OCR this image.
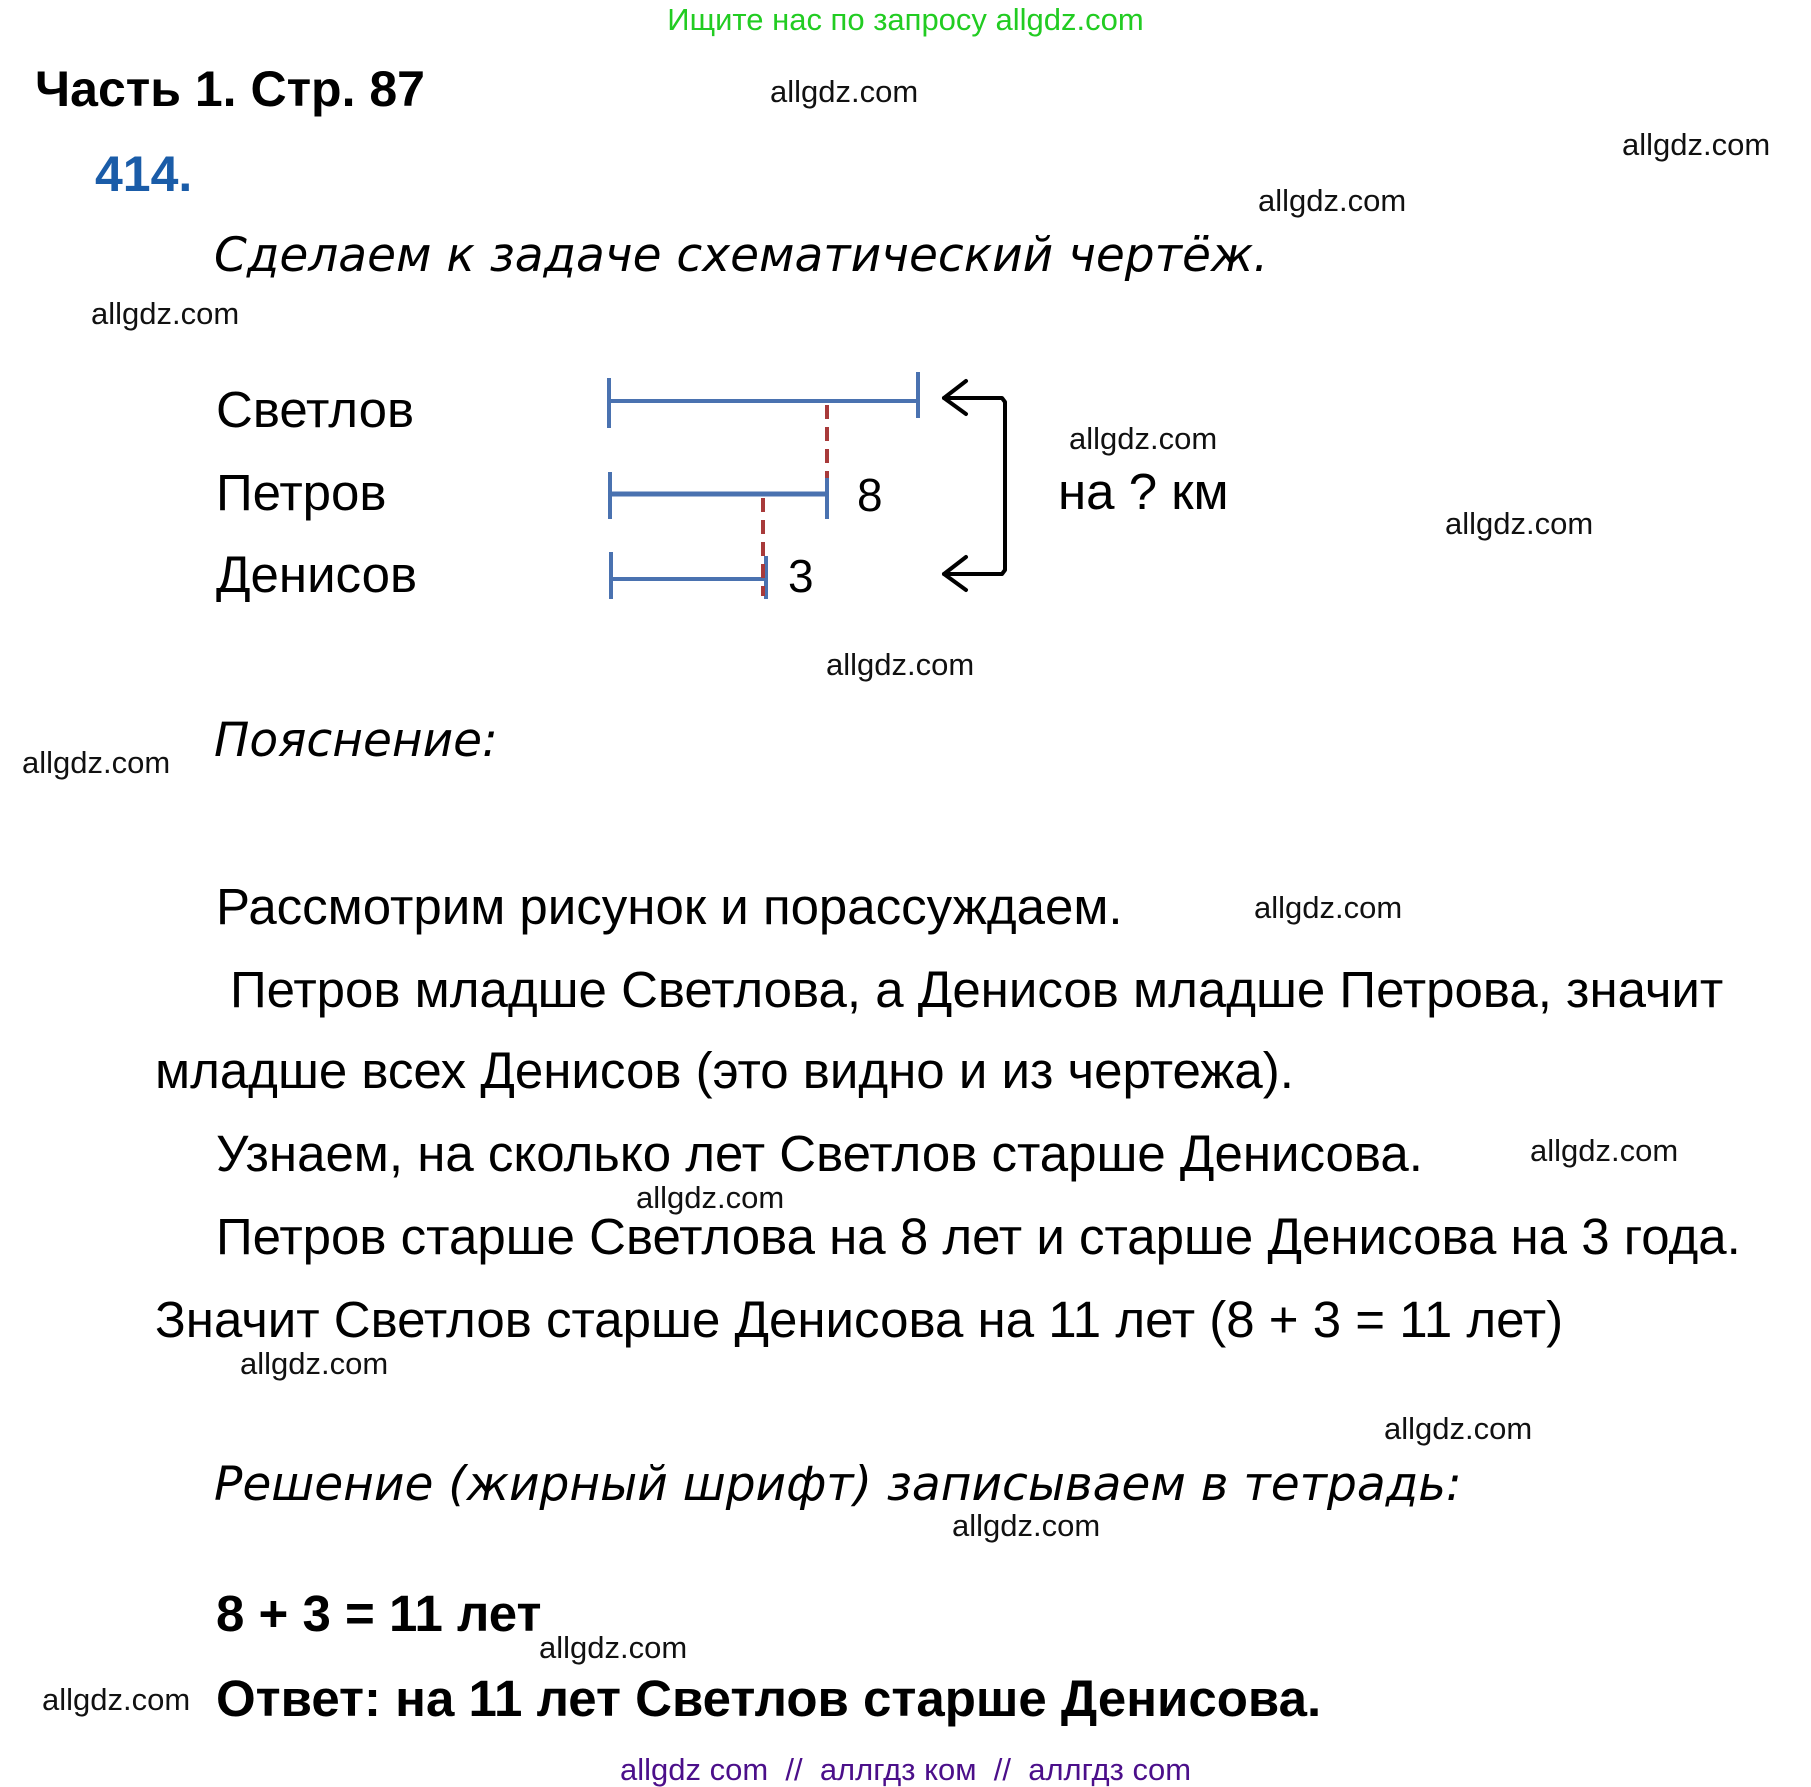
Ищите нас по запросу allgdz.com
Часть 1. Стр. 87
414.
Сделаем к задаче схематический чертёж.
Светлов
Петров
Денисов
8
3
на ? км
Пояснение:
Рассмотрим рисунок и порассуждаем.
Петров младше Светлова, а Денисов младше Петрова, значит
младше всех Денисов (это видно и из чертежа).
Узнаем, на сколько лет Светлов старше Денисова.
Петров старше Светлова на 8 лет и старше Денисова на 3 года.
Значит Светлов старше Денисова на 11 лет (8 + 3 = 11 лет)
Решение (жирный шрифт) записываем в тетрадь:
8 + 3 = 11 лет
Ответ: на 11 лет Светлов старше Денисова.
allgdz.com
allgdz.com
allgdz.com
allgdz.com
allgdz.com
allgdz.com
allgdz.com
allgdz.com
allgdz.com
allgdz.com
allgdz.com
allgdz.com
allgdz.com
allgdz.com
allgdz.com
allgdz.com
allgdz com  //  аллгдз ком  //  аллгдз com
